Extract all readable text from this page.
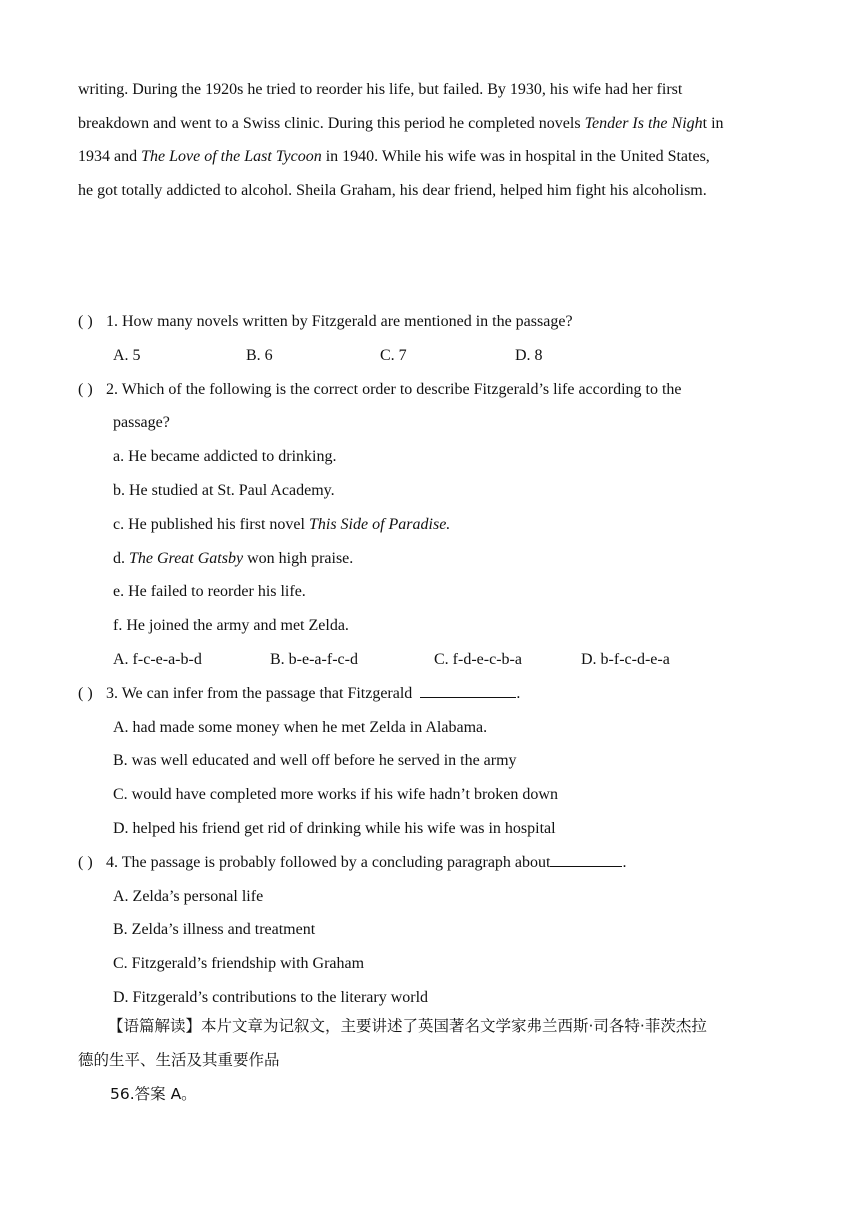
writing. During the 1920s he tried to reorder his life, but failed. By 1930, his wife had her first
breakdown and went to a Swiss clinic. During this period he completed novels Tender Is the Night in
1934 and The Love of the Last Tycoon in 1940. While his wife was in hospital in the United States,
he got totally addicted to alcohol. Sheila Graham, his dear friend, helped him fight his alcoholism.

( ) 1. How many novels written by Fitzgerald are mentioned in the passage?
A. 5	B. 6	C. 7	D. 8
( ) 2. Which of the following is the correct order to describe Fitzgerald’s life according to the
passage?
a. He became addicted to drinking.
b. He studied at St. Paul Academy.
c. He published his first novel This Side of Paradise.
d. The Great Gatsby won high praise.
e. He failed to reorder his life.
f. He joined the army and met Zelda.
A. f-c-e-a-b-d	B. b-e-a-f-c-d	C. f-d-e-c-b-a	D. b-f-c-d-e-a
( ) 3. We can infer from the passage that Fitzgerald	.
A. had made some money when he met Zelda in Alabama.
B. was well educated and well off before he served in the army
C. would have completed more works if his wife hadn’t broken down
D. helped his friend get rid of drinking while his wife was in hospital
( ) 4. The passage is probably followed by a concluding paragraph about	.
A. Zelda’s personal life
B. Zelda’s illness and treatment
C. Fitzgerald’s friendship with Graham
D. Fitzgerald’s contributions to the literary world
【语篇解读】本片文章为记叙文，主要讲述了英国著名文学家弗兰西斯·司各特·菲茨杰拉
德的生平、生活及其重要作品
56.答案 A。
